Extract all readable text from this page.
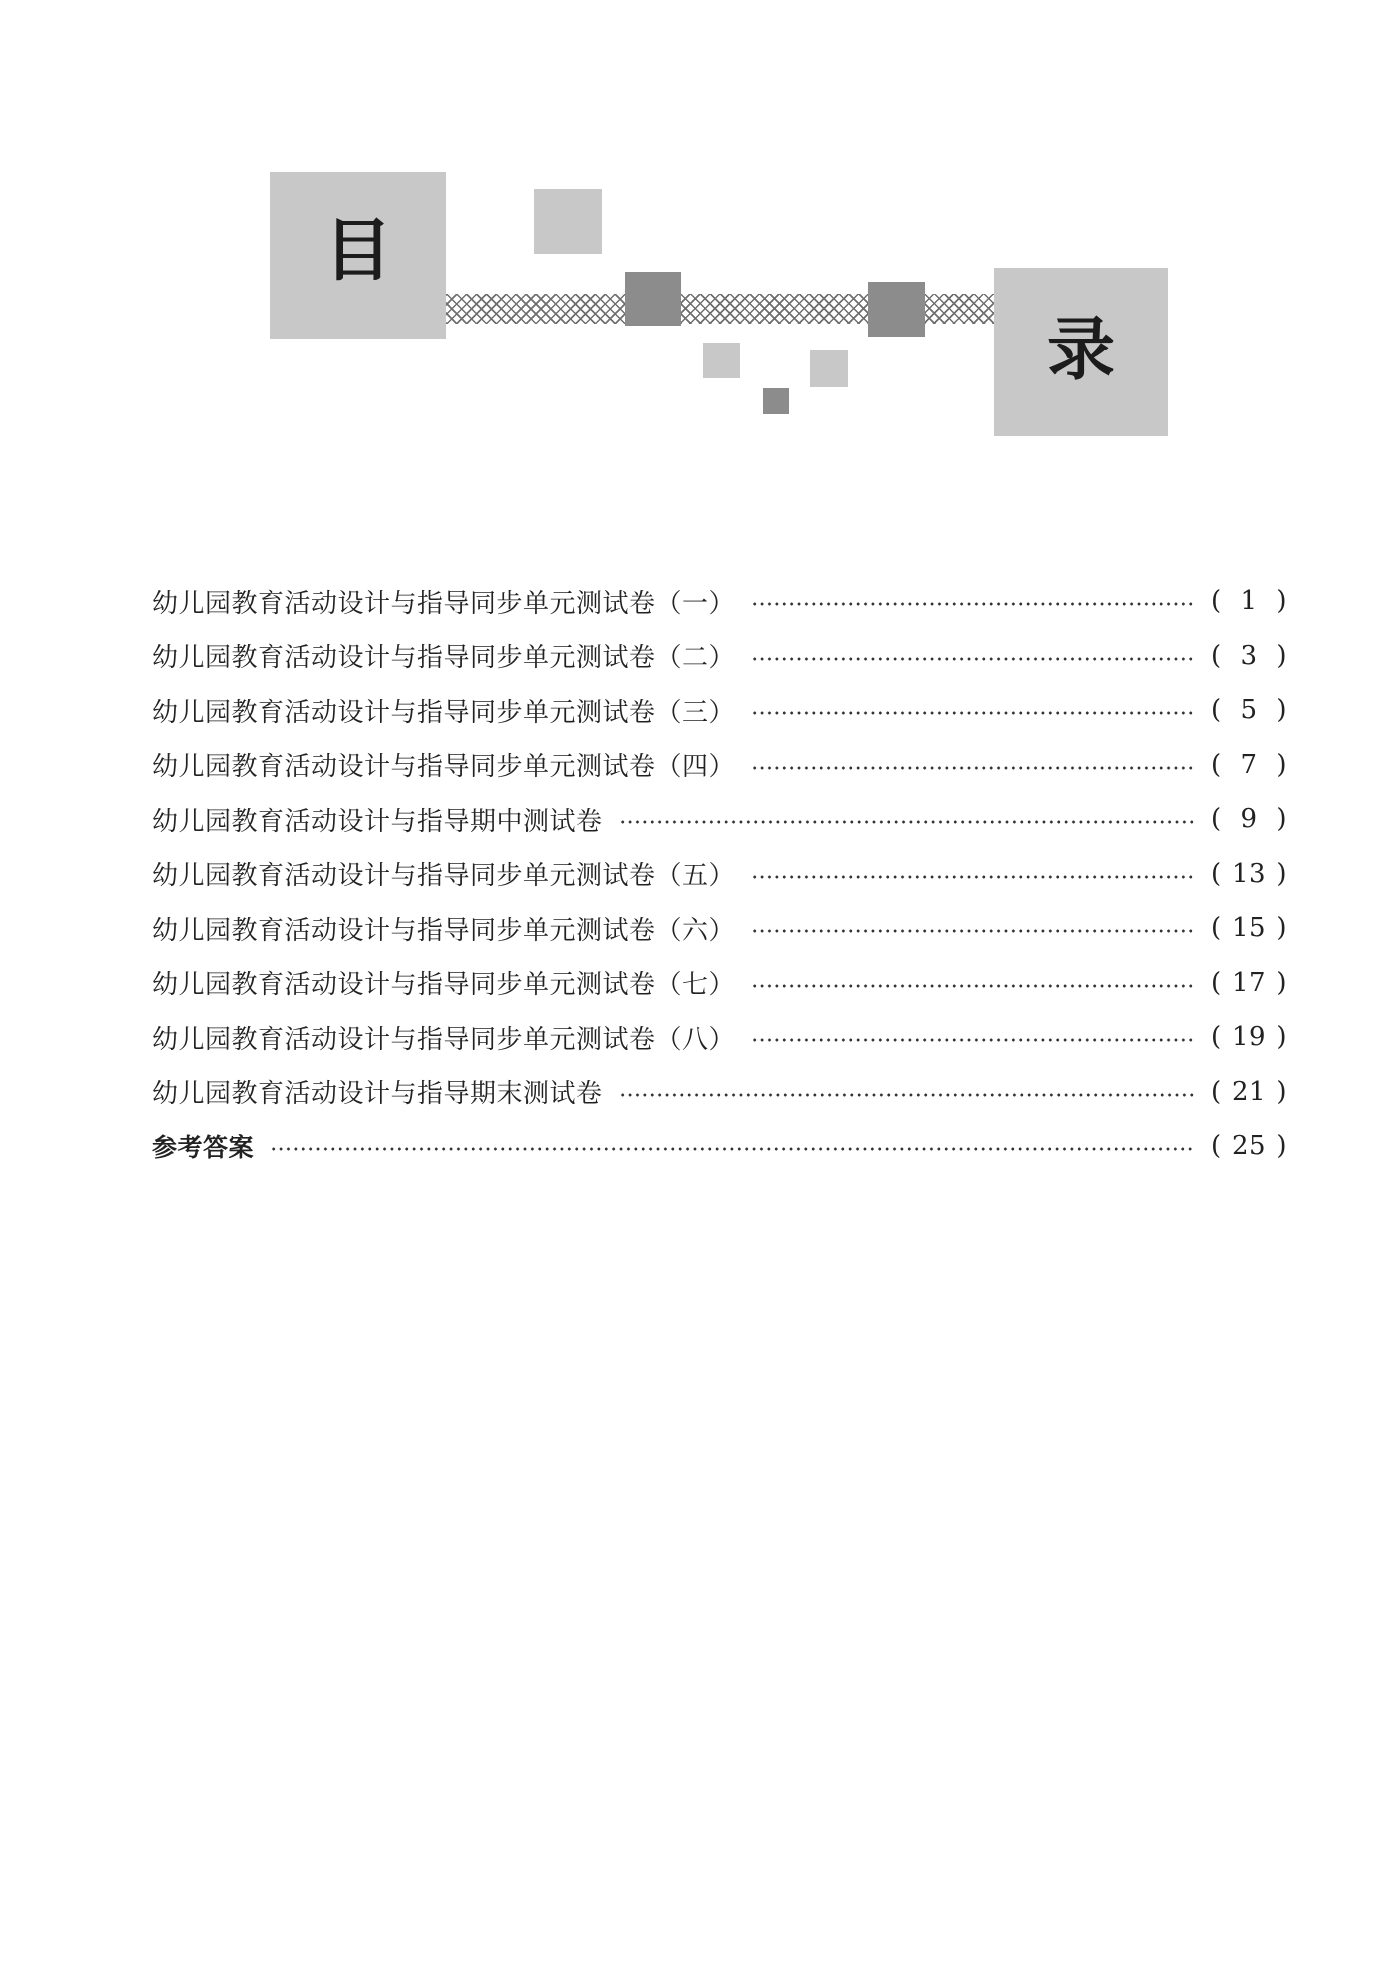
目
录
幼儿园教育活动设计与指导同步单元测试卷（一）	( 1 )
幼儿园教育活动设计与指导同步单元测试卷（二）	( 3 )
幼儿园教育活动设计与指导同步单元测试卷（三）	( 5 )
幼儿园教育活动设计与指导同步单元测试卷（四）	( 7 )
幼儿园教育活动设计与指导期中测试卷	( 9 )
幼儿园教育活动设计与指导同步单元测试卷（五）	( 13 )
幼儿园教育活动设计与指导同步单元测试卷（六）	( 15 )
幼儿园教育活动设计与指导同步单元测试卷（七）	( 17 )
幼儿园教育活动设计与指导同步单元测试卷（八）	( 19 )
幼儿园教育活动设计与指导期末测试卷	( 21 )
参考答案	( 25 )
